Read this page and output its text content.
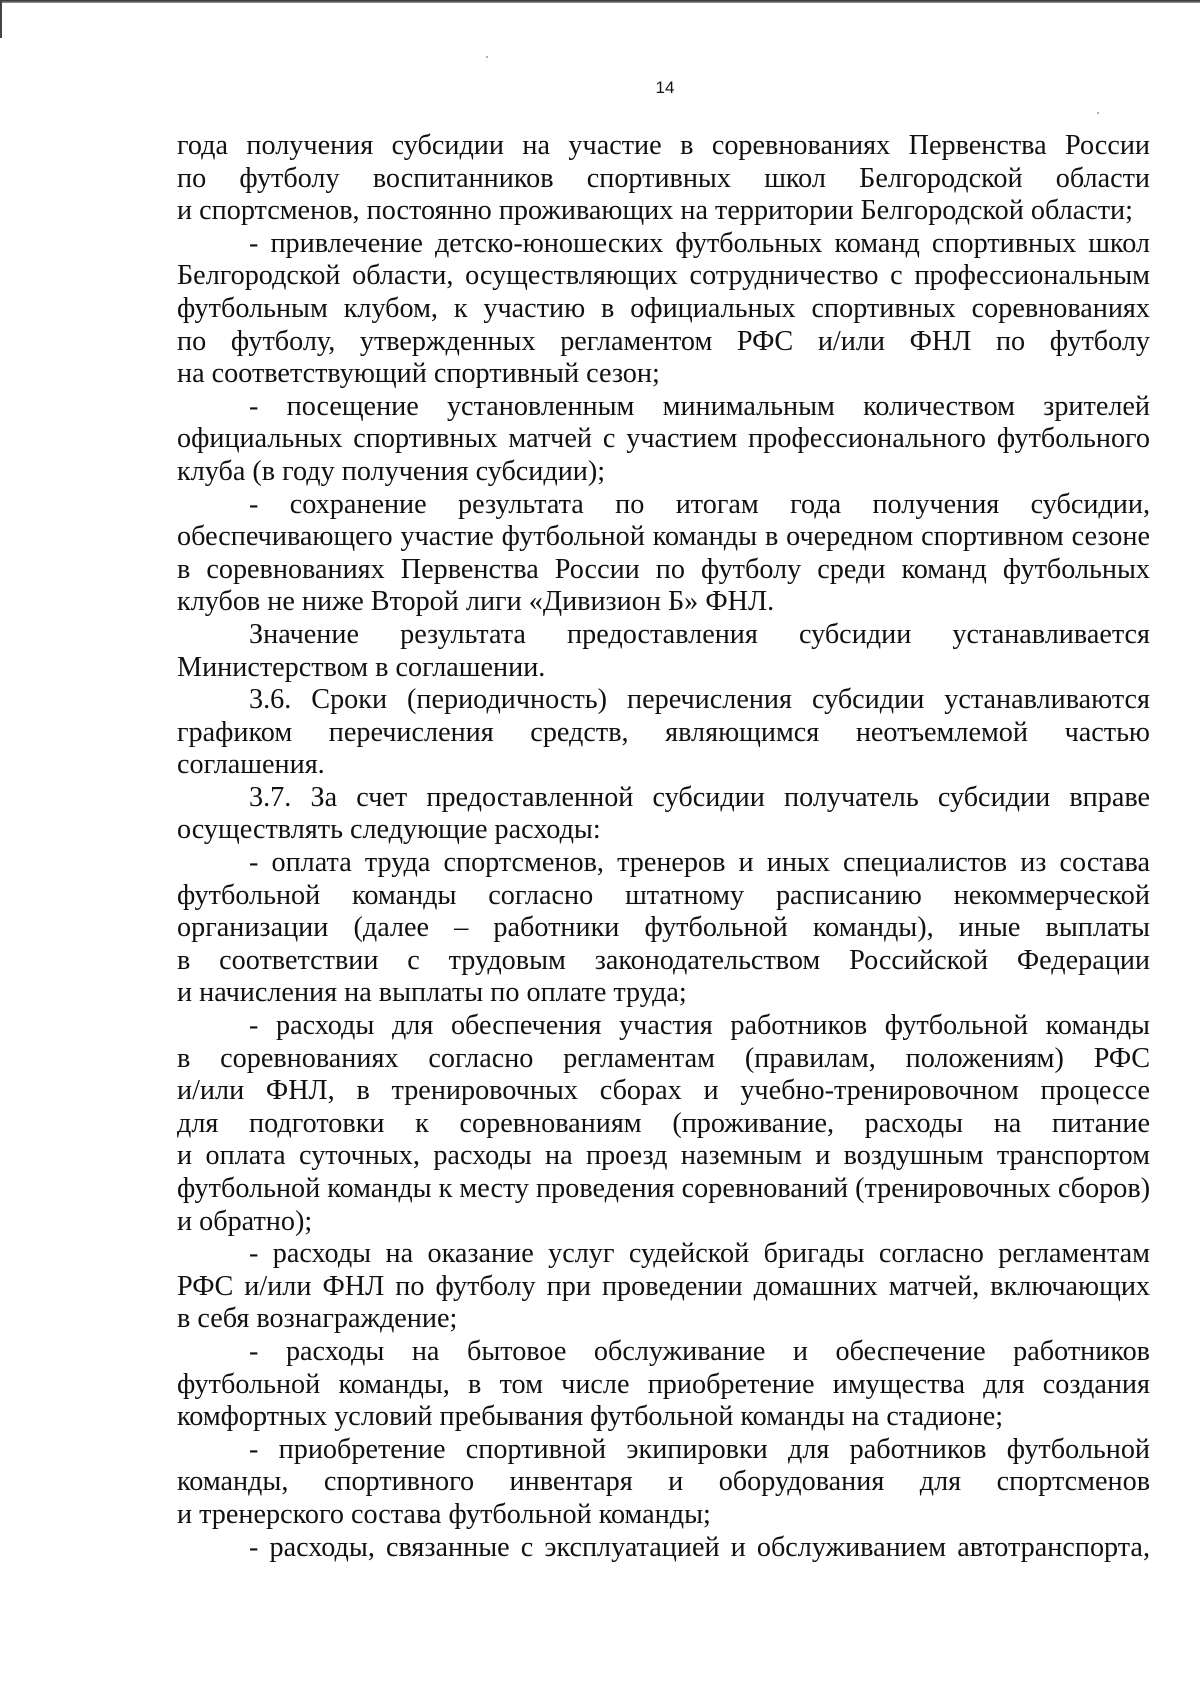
14
года получения субсидии на участие в соревнованиях Первенства России
по футболу воспитанников спортивных школ Белгородской области
и спортсменов, постоянно проживающих на территории Белгородской области;
- привлечение детско-юношеских футбольных команд спортивных школ
Белгородской области, осуществляющих сотрудничество с профессиональным
футбольным клубом, к участию в официальных спортивных соревнованиях
по футболу, утвержденных регламентом РФС и/или ФНЛ по футболу
на соответствующий спортивный сезон;
- посещение установленным минимальным количеством зрителей
официальных спортивных матчей с участием профессионального футбольного
клуба (в году получения субсидии);
- сохранение результата по итогам года получения субсидии,
обеспечивающего участие футбольной команды в очередном спортивном сезоне
в соревнованиях Первенства России по футболу среди команд футбольных
клубов не ниже Второй лиги «Дивизион Б» ФНЛ.
Значение результата предоставления субсидии устанавливается
Министерством в соглашении.
3.6. Сроки (периодичность) перечисления субсидии устанавливаются
графиком перечисления средств, являющимся неотъемлемой частью
соглашения.
3.7. За счет предоставленной субсидии получатель субсидии вправе
осуществлять следующие расходы:
- оплата труда спортсменов, тренеров и иных специалистов из состава
футбольной команды согласно штатному расписанию некоммерческой
организации (далее – работники футбольной команды), иные выплаты
в соответствии с трудовым законодательством Российской Федерации
и начисления на выплаты по оплате труда;
- расходы для обеспечения участия работников футбольной команды
в соревнованиях согласно регламентам (правилам, положениям) РФС
и/или ФНЛ, в тренировочных сборах и учебно-тренировочном процессе
для подготовки к соревнованиям (проживание, расходы на питание
и оплата суточных, расходы на проезд наземным и воздушным транспортом
футбольной команды к месту проведения соревнований (тренировочных сборов)
и обратно);
- расходы на оказание услуг судейской бригады согласно регламентам
РФС и/или ФНЛ по футболу при проведении домашних матчей, включающих
в себя вознаграждение;
- расходы на бытовое обслуживание и обеспечение работников
футбольной команды, в том числе приобретение имущества для создания
комфортных условий пребывания футбольной команды на стадионе;
- приобретение спортивной экипировки для работников футбольной
команды, спортивного инвентаря и оборудования для спортсменов
и тренерского состава футбольной команды;
- расходы, связанные с эксплуатацией и обслуживанием автотранспорта,
